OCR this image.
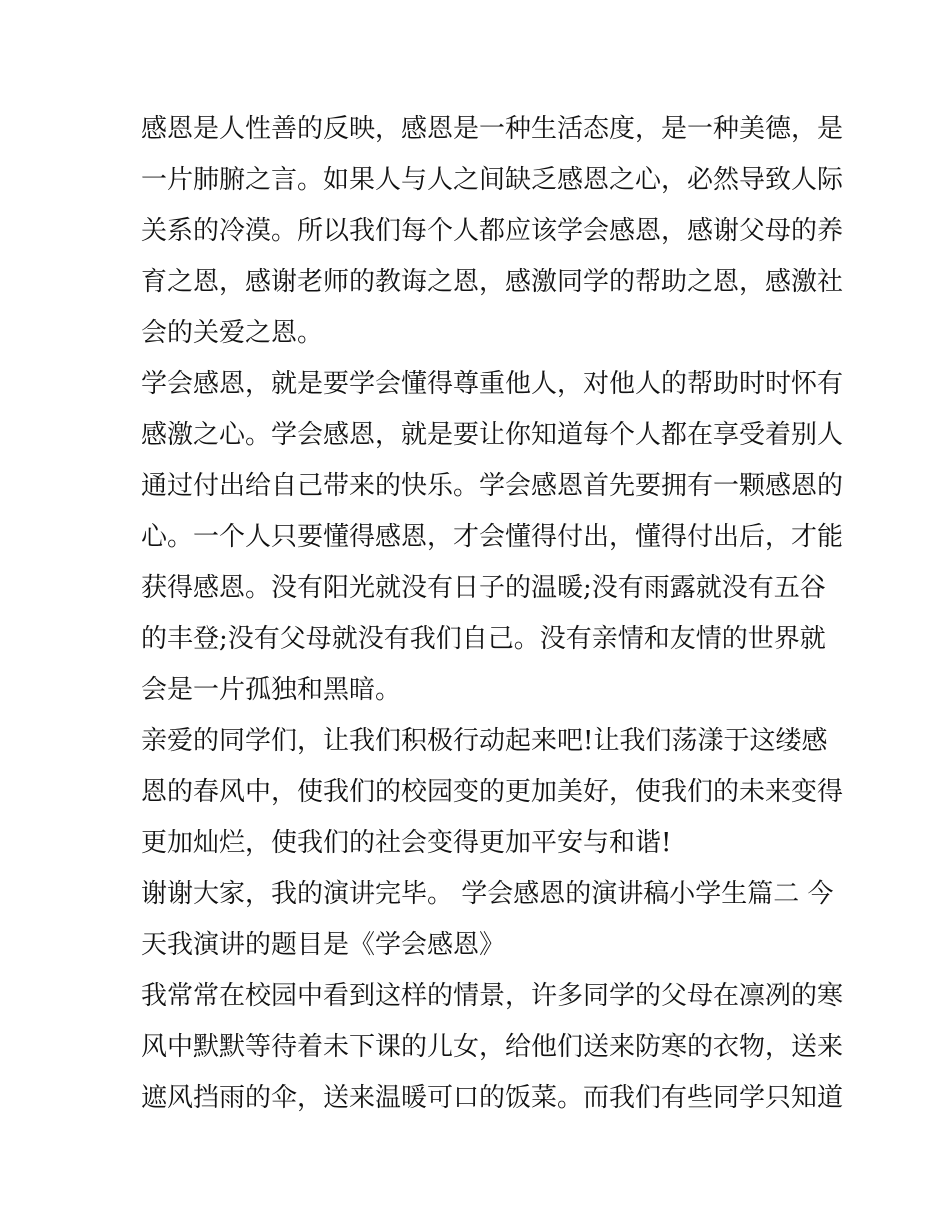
感恩是人性善的反映，感恩是一种生活态度，是一种美德，是
一片肺腑之言。如果人与人之间缺乏感恩之心，必然导致人际
关系的冷漠。所以我们每个人都应该学会感恩，感谢父母的养
育之恩，感谢老师的教诲之恩，感激同学的帮助之恩，感激社
会的关爱之恩。
学会感恩，就是要学会懂得尊重他人，对他人的帮助时时怀有
感激之心。学会感恩，就是要让你知道每个人都在享受着别人
通过付出给自己带来的快乐。学会感恩首先要拥有一颗感恩的
心。一个人只要懂得感恩，才会懂得付出，懂得付出后，才能
获得感恩。没有阳光就没有日子的温暖;没有雨露就没有五谷
的丰登;没有父母就没有我们自己。没有亲情和友情的世界就
会是一片孤独和黑暗。
亲爱的同学们，让我们积极行动起来吧!让我们荡漾于这缕感
恩的春风中，使我们的校园变的更加美好，使我们的未来变得
更加灿烂，使我们的社会变得更加平安与和谐!
谢谢大家，我的演讲完毕。 学会感恩的演讲稿小学生篇二 今
天我演讲的题目是《学会感恩》
我常常在校园中看到这样的情景，许多同学的父母在凛冽的寒
风中默默等待着未下课的儿女，给他们送来防寒的衣物，送来
遮风挡雨的伞，送来温暖可口的饭菜。而我们有些同学只知道
